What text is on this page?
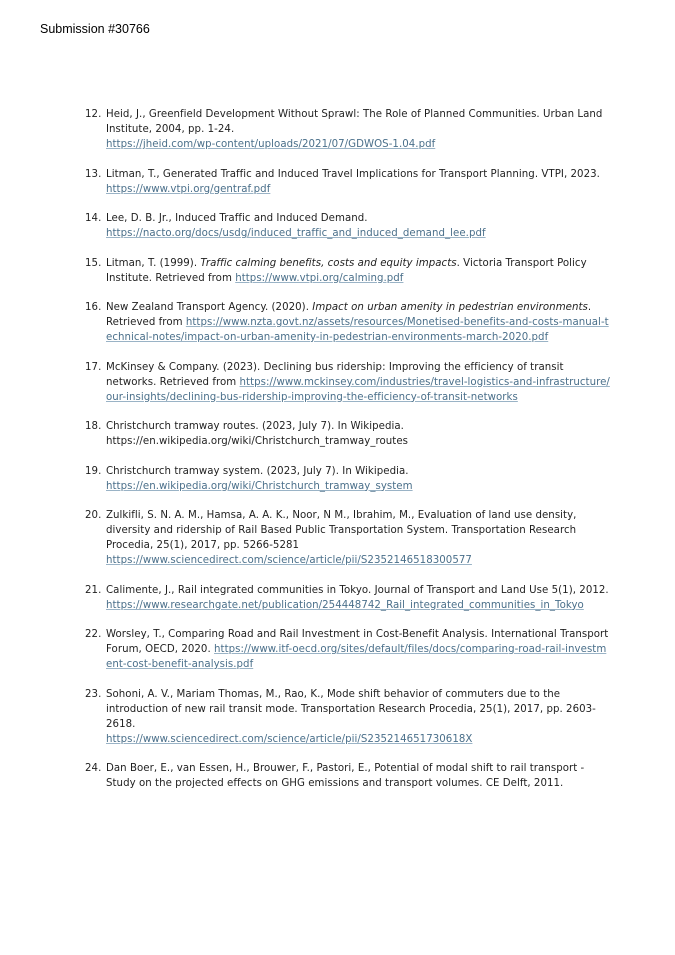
Submission #30766
12. Heid, J., Greenfield Development Without Sprawl: The Role of Planned Communities. Urban Land Institute, 2004, pp. 1-24.
https://jheid.com/wp-content/uploads/2021/07/GDWOS-1.04.pdf
13. Litman, T., Generated Traffic and Induced Travel Implications for Transport Planning. VTPI, 2023.
https://www.vtpi.org/gentraf.pdf
14. Lee, D. B. Jr., Induced Traffic and Induced Demand.
https://nacto.org/docs/usdg/induced_traffic_and_induced_demand_lee.pdf
15. Litman, T. (1999). Traffic calming benefits, costs and equity impacts. Victoria Transport Policy Institute. Retrieved from https://www.vtpi.org/calming.pdf
16. New Zealand Transport Agency. (2020). Impact on urban amenity in pedestrian environments. Retrieved from https://www.nzta.govt.nz/assets/resources/Monetised-benefits-and-costs-manual-technical-notes/impact-on-urban-amenity-in-pedestrian-environments-march-2020.pdf
17. McKinsey & Company. (2023). Declining bus ridership: Improving the efficiency of transit networks. Retrieved from https://www.mckinsey.com/industries/travel-logistics-and-infrastructure/our-insights/declining-bus-ridership-improving-the-efficiency-of-transit-networks
18. Christchurch tramway routes. (2023, July 7). In Wikipedia.
https://en.wikipedia.org/wiki/Christchurch_tramway_routes
19. Christchurch tramway system. (2023, July 7). In Wikipedia.
https://en.wikipedia.org/wiki/Christchurch_tramway_system
20. Zulkifli, S. N. A. M., Hamsa, A. A. K., Noor, N M., Ibrahim, M., Evaluation of land use density, diversity and ridership of Rail Based Public Transportation System. Transportation Research Procedia, 25(1), 2017, pp. 5266-5281
https://www.sciencedirect.com/science/article/pii/S2352146518300577
21. Calimente, J., Rail integrated communities in Tokyo. Journal of Transport and Land Use 5(1), 2012.
https://www.researchgate.net/publication/254448742_Rail_integrated_communities_in_Tokyo
22. Worsley, T., Comparing Road and Rail Investment in Cost-Benefit Analysis. International Transport Forum, OECD, 2020. https://www.itf-oecd.org/sites/default/files/docs/comparing-road-rail-investment-cost-benefit-analysis.pdf
23. Sohoni, A. V., Mariam Thomas, M., Rao, K., Mode shift behavior of commuters due to the introduction of new rail transit mode. Transportation Research Procedia, 25(1), 2017, pp. 2603-2618.
https://www.sciencedirect.com/science/article/pii/S235214651730618X
24. Dan Boer, E., van Essen, H., Brouwer, F., Pastori, E., Potential of modal shift to rail transport - Study on the projected effects on GHG emissions and transport volumes. CE Delft, 2011.
